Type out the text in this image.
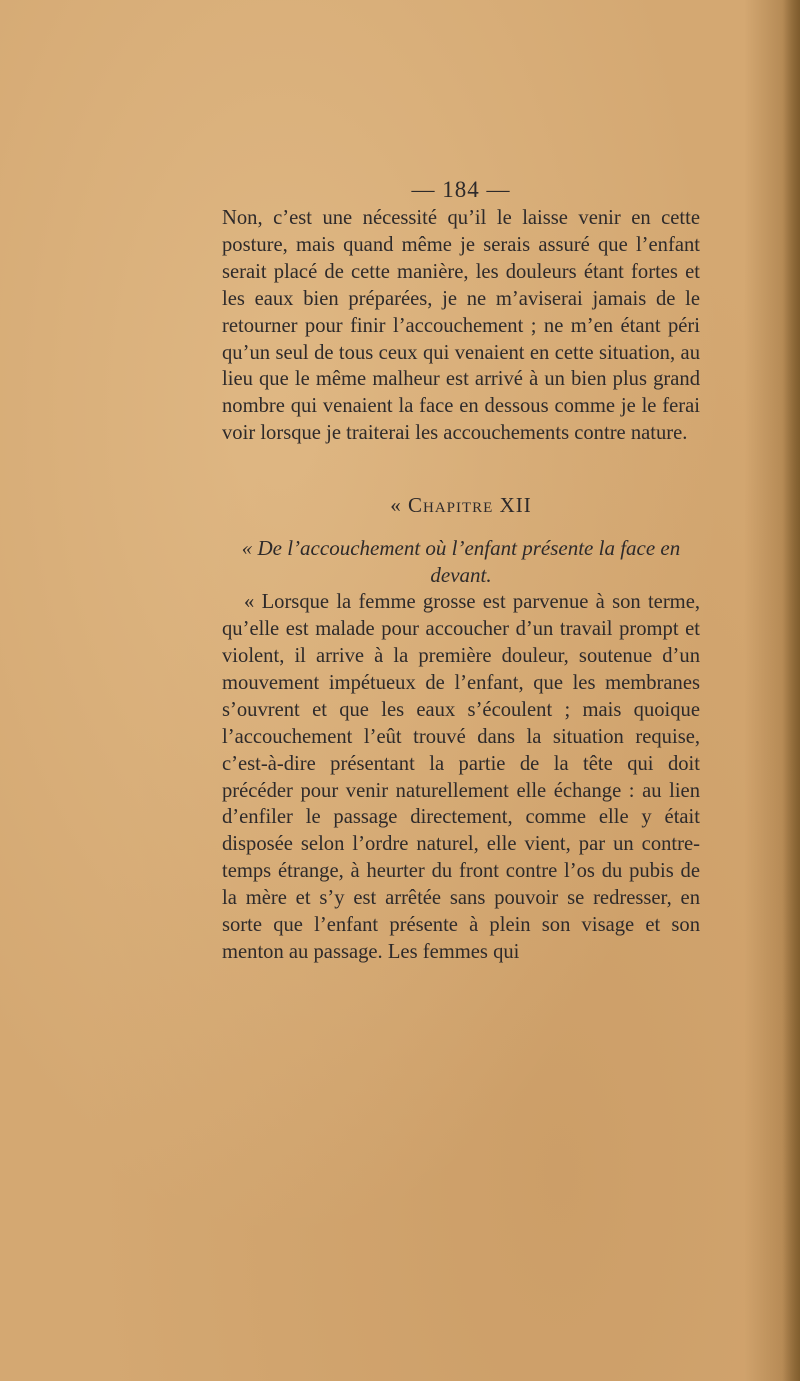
— 184 —

Non, c’est une nécessité qu’il le laisse venir en cette posture, mais quand même je serais assuré que l’enfant serait placé de cette manière, les douleurs étant fortes et les eaux bien préparées, je ne m’aviserai jamais de le retourner pour finir l’accouchement ; ne m’en étant péri qu’un seul de tous ceux qui venaient en cette situation, au lieu que le même malheur est arrivé à un bien plus grand nombre qui venaient la face en dessous comme je le ferai voir lorsque je traiterai les accouchements contre nature.

« Chapitre XII
« De l’accouchement où l’enfant présente la face en devant.

« Lorsque la femme grosse est parvenue à son terme, qu’elle est malade pour accoucher d’un travail prompt et violent, il arrive à la première douleur, soutenue d’un mouvement impétueux de l’enfant, que les membranes s’ouvrent et que les eaux s’écoulent ; mais quoique l’accouchement l’eût trouvé dans la situation requise, c’est-à-dire présentant la partie de la tête qui doit précéder pour venir naturellement elle échange : au lien d’enfiler le passage directement, comme elle y était disposée selon l’ordre naturel, elle vient, par un contre-temps étrange, à heurter du front contre l’os du pubis de la mère et s’y est arrêtée sans pouvoir se redresser, en sorte que l’enfant présente à plein son visage et son menton au passage. Les femmes qui
